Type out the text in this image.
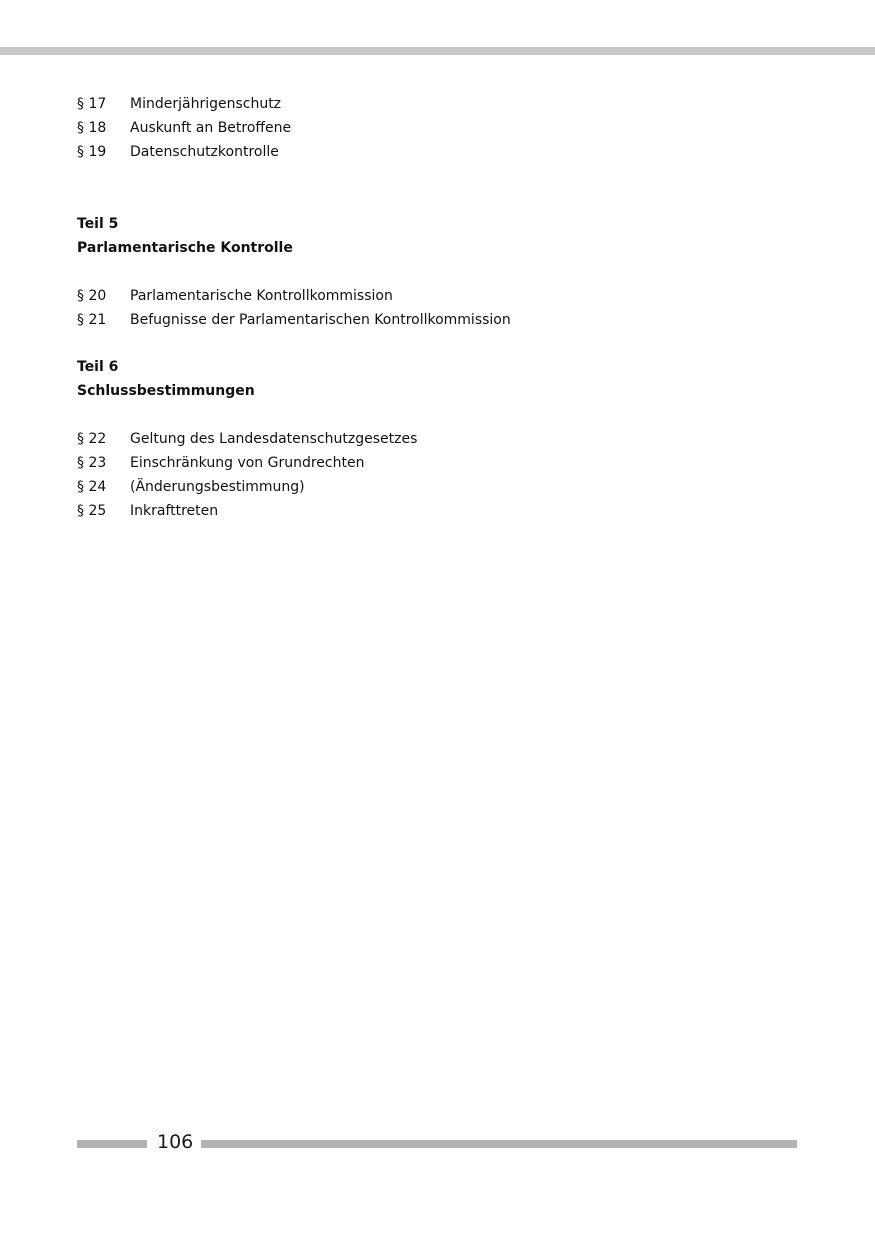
§ 17	Minderjährigenschutz
§ 18	Auskunft an Betroffene
§ 19	Datenschutzkontrolle
Teil 5
Parlamentarische Kontrolle
§ 20	Parlamentarische Kontrollkommission
§ 21	Befugnisse der Parlamentarischen Kontrollkommission
Teil 6
Schlussbestimmungen
§ 22	Geltung des Landesdatenschutzgesetzes
§ 23	Einschränkung von Grundrechten
§ 24	(Änderungsbestimmung)
§ 25	Inkrafttreten
106
